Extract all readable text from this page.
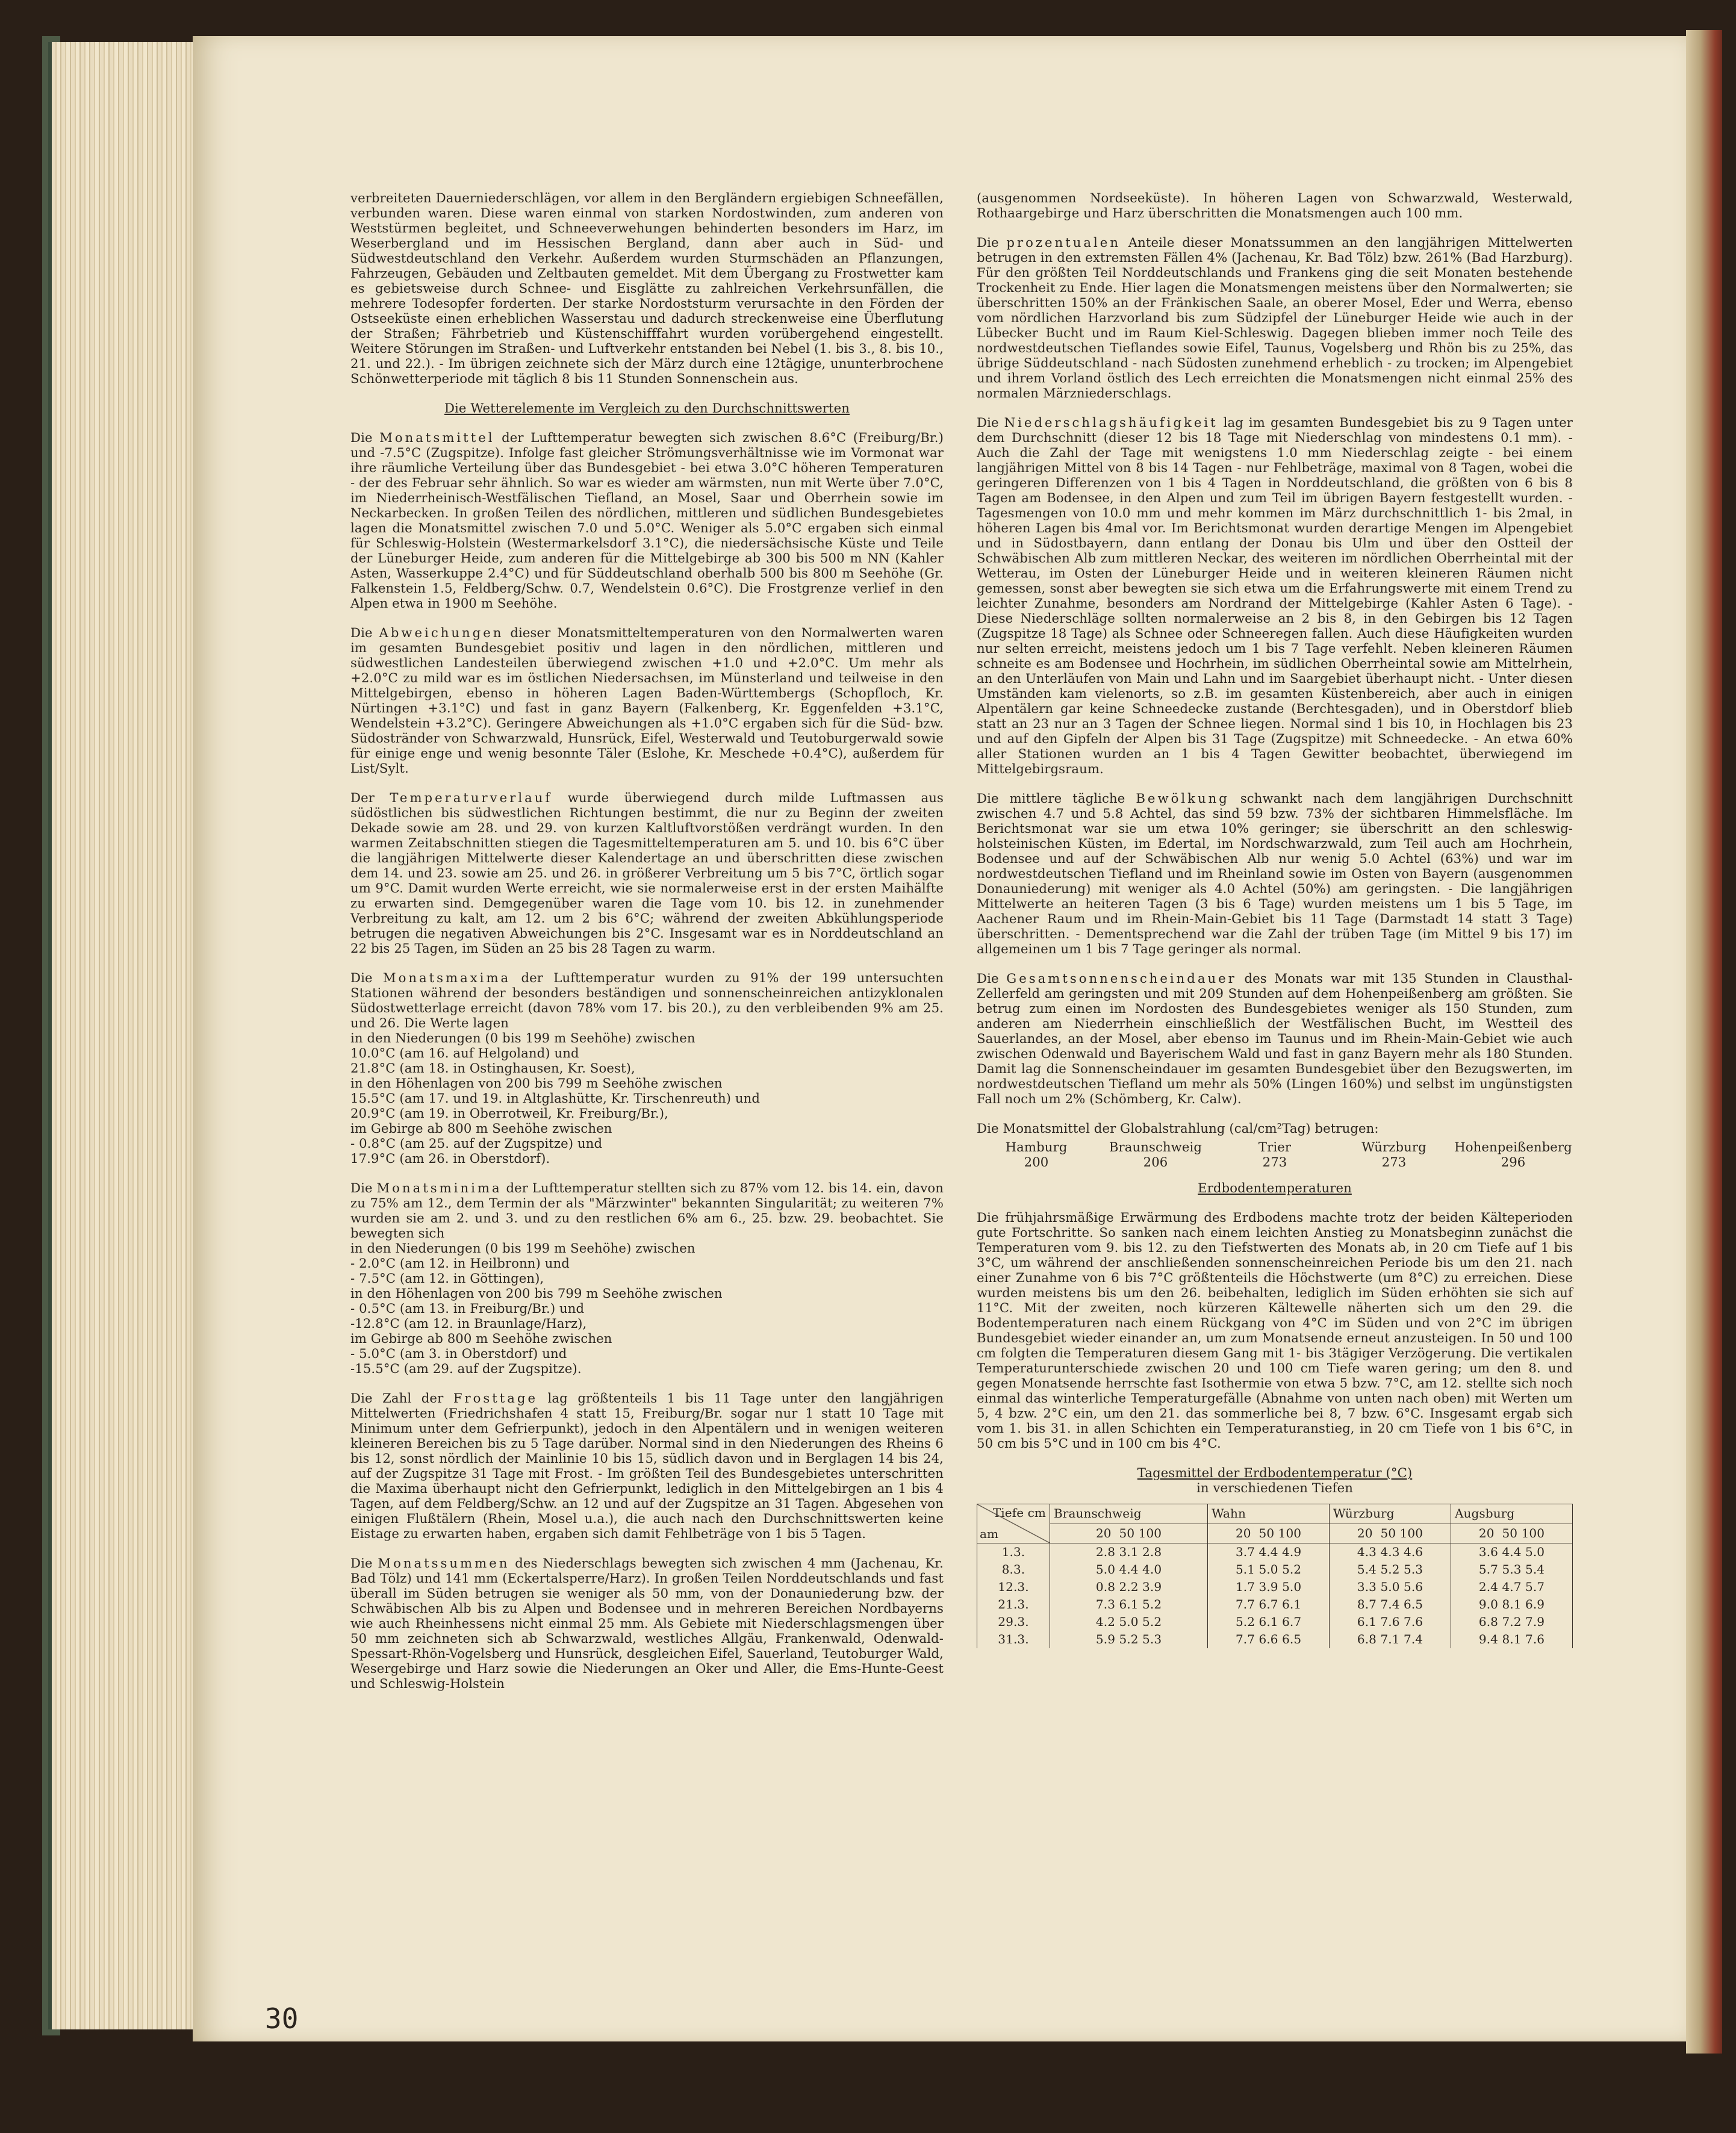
verbreiteten Dauerniederschlägen, vor allem in den Bergländern ergiebigen Schneefällen, verbunden waren. Diese waren einmal von starken Nordostwinden, zum anderen von Weststürmen begleitet, und Schneeverwehungen behinderten besonders im Harz, im Weserbergland und im Hessischen Bergland, dann aber auch in Süd- und Südwestdeutschland den Verkehr. Außerdem wurden Sturmschäden an Pflanzungen, Fahrzeugen, Gebäuden und Zeltbauten gemeldet. Mit dem Übergang zu Frostwetter kam es gebietsweise durch Schnee- und Eisglätte zu zahlreichen Verkehrsunfällen, die mehrere Todesopfer forderten. Der starke Nordoststurm verursachte in den Förden der Ostseeküste einen erheblichen Wasserstau und dadurch streckenweise eine Überflutung der Straßen; Fährbetrieb und Küstenschifffahrt wurden vorübergehend eingestellt. Weitere Störungen im Straßen- und Luftverkehr entstanden bei Nebel (1. bis 3., 8. bis 10., 21. und 22.). - Im übrigen zeichnete sich der März durch eine 12tägige, ununterbrochene Schönwetterperiode mit täglich 8 bis 11 Stunden Sonnenschein aus.

Die Wetterelemente im Vergleich zu den Durchschnittswerten

Die Monatsmittel der Lufttemperatur bewegten sich zwischen 8.6°C (Freiburg/Br.) und -7.5°C (Zugspitze). Infolge fast gleicher Strömungsverhältnisse wie im Vormonat war ihre räumliche Verteilung über das Bundesgebiet - bei etwa 3.0°C höheren Temperaturen - der des Februar sehr ähnlich. So war es wieder am wärmsten, nun mit Werte über 7.0°C, im Niederrheinisch-Westfälischen Tiefland, an Mosel, Saar und Oberrhein sowie im Neckarbecken. In großen Teilen des nördlichen, mittleren und südlichen Bundesgebietes lagen die Monatsmittel zwischen 7.0 und 5.0°C. Weniger als 5.0°C ergaben sich einmal für Schleswig-Holstein (Westermarkelsdorf 3.1°C), die niedersächsische Küste und Teile der Lüneburger Heide, zum anderen für die Mittelgebirge ab 300 bis 500 m NN (Kahler Asten, Wasserkuppe 2.4°C) und für Süddeutschland oberhalb 500 bis 800 m Seehöhe (Gr. Falkenstein 1.5, Feldberg/Schw. 0.7, Wendelstein 0.6°C). Die Frostgrenze verlief in den Alpen etwa in 1900 m Seehöhe.

Die Abweichungen dieser Monatsmitteltemperaturen von den Normalwerten waren im gesamten Bundesgebiet positiv und lagen in den nördlichen, mittleren und südwestlichen Landesteilen überwiegend zwischen +1.0 und +2.0°C. Um mehr als +2.0°C zu mild war es im östlichen Niedersachsen, im Münsterland und teilweise in den Mittelgebirgen, ebenso in höheren Lagen Baden-Württembergs (Schopfloch, Kr. Nürtingen +3.1°C) und fast in ganz Bayern (Falkenberg, Kr. Eggenfelden +3.1°C, Wendelstein +3.2°C). Geringere Abweichungen als +1.0°C ergaben sich für die Süd- bzw. Südostränder von Schwarzwald, Hunsrück, Eifel, Westerwald und Teutoburgerwald sowie für einige enge und wenig besonnte Täler (Eslohe, Kr. Meschede +0.4°C), außerdem für List/Sylt.

Der Temperaturverlauf wurde überwiegend durch milde Luftmassen aus südöstlichen bis südwestlichen Richtungen bestimmt, die nur zu Beginn der zweiten Dekade sowie am 28. und 29. von kurzen Kaltluftvorstößen verdrängt wurden. In den warmen Zeitabschnitten stiegen die Tagesmitteltemperaturen am 5. und 10. bis 6°C über die langjährigen Mittelwerte dieser Kalendertage an und überschritten diese zwischen dem 14. und 23. sowie am 25. und 26. in größerer Verbreitung um 5 bis 7°C, örtlich sogar um 9°C. Damit wurden Werte erreicht, wie sie normalerweise erst in der ersten Maihälfte zu erwarten sind. Demgegenüber waren die Tage vom 10. bis 12. in zunehmender Verbreitung zu kalt, am 12. um 2 bis 6°C; während der zweiten Abkühlungsperiode betrugen die negativen Abweichungen bis 2°C. Insgesamt war es in Norddeutschland an 22 bis 25 Tagen, im Süden an 25 bis 28 Tagen zu warm.

Die Monatsmaxima der Lufttemperatur wurden zu 91% der 199 untersuchten Stationen während der besonders beständigen und sonnenscheinreichen antizyklonalen Südostwetterlage erreicht (davon 78% vom 17. bis 20.), zu den verbleibenden 9% am 25. und 26. Die Werte lagen
in den Niederungen (0 bis 199 m Seehöhe) zwischen
10.0°C (am 16. auf Helgoland) und
21.8°C (am 18. in Ostinghausen, Kr. Soest),
in den Höhenlagen von 200 bis 799 m Seehöhe zwischen
15.5°C (am 17. und 19. in Altglashütte, Kr. Tirschenreuth) und
20.9°C (am 19. in Oberrotweil, Kr. Freiburg/Br.),
im Gebirge ab 800 m Seehöhe zwischen
- 0.8°C (am 25. auf der Zugspitze) und
17.9°C (am 26. in Oberstdorf).
Die Monatsminima der Lufttemperatur stellten sich zu 87% vom 12. bis 14. ein, davon zu 75% am 12., dem Termin der als "Märzwinter" bekannten Singularität; zu weiteren 7% wurden sie am 2. und 3. und zu den restlichen 6% am 6., 25. bzw. 29. beobachtet. Sie bewegten sich
in den Niederungen (0 bis 199 m Seehöhe) zwischen
- 2.0°C (am 12. in Heilbronn) und
- 7.5°C (am 12. in Göttingen),
in den Höhenlagen von 200 bis 799 m Seehöhe zwischen
- 0.5°C (am 13. in Freiburg/Br.) und
-12.8°C (am 12. in Braunlage/Harz),
im Gebirge ab 800 m Seehöhe zwischen
- 5.0°C (am 3. in Oberstdorf) und
-15.5°C (am 29. auf der Zugspitze).

Die Zahl der Frosttage lag größtenteils 1 bis 11 Tage unter den langjährigen Mittelwerten (Friedrichshafen 4 statt 15, Freiburg/Br. sogar nur 1 statt 10 Tage mit Minimum unter dem Gefrierpunkt), jedoch in den Alpentälern und in wenigen weiteren kleineren Bereichen bis zu 5 Tage darüber. Normal sind in den Niederungen des Rheins 6 bis 12, sonst nördlich der Mainlinie 10 bis 15, südlich davon und in Berglagen 14 bis 24, auf der Zugspitze 31 Tage mit Frost. - Im größten Teil des Bundesgebietes unterschritten die Maxima überhaupt nicht den Gefrierpunkt, lediglich in den Mittelgebirgen an 1 bis 4 Tagen, auf dem Feldberg/Schw. an 12 und auf der Zugspitze an 31 Tagen. Abgesehen von einigen Flußtälern (Rhein, Mosel u.a.), die auch nach den Durchschnittswerten keine Eistage zu erwarten haben, ergaben sich damit Fehlbeträge von 1 bis 5 Tagen.

Die Monatssummen des Niederschlags bewegten sich zwischen 4 mm (Jachenau, Kr. Bad Tölz) und 141 mm (Eckertalsperre/Harz). In großen Teilen Norddeutschlands und fast überall im Süden betrugen sie weniger als 50 mm, von der Donauniederung bzw. der Schwäbischen Alb bis zu Alpen und Bodensee und in mehreren Bereichen Nordbayerns wie auch Rheinhessens nicht einmal 25 mm. Als Gebiete mit Niederschlagsmengen über 50 mm zeichneten sich ab Schwarzwald, westliches Allgäu, Frankenwald, Odenwald-Spessart-Rhön-Vogelsberg und Hunsrück, desgleichen Eifel, Sauerland, Teutoburger Wald, Wesergebirge und Harz sowie die Niederungen an Oker und Aller, die Ems-Hunte-Geest und Schleswig-Holstein

(ausgenommen Nordseeküste). In höheren Lagen von Schwarzwald, Westerwald, Rothaargebirge und Harz überschritten die Monatsmengen auch 100 mm.

Die prozentualen Anteile dieser Monatssummen an den langjährigen Mittelwerten betrugen in den extremsten Fällen 4% (Jachenau, Kr. Bad Tölz) bzw. 261% (Bad Harzburg). Für den größten Teil Norddeutschlands und Frankens ging die seit Monaten bestehende Trockenheit zu Ende. Hier lagen die Monatsmengen meistens über den Normalwerten; sie überschritten 150% an der Fränkischen Saale, an oberer Mosel, Eder und Werra, ebenso vom nördlichen Harzvorland bis zum Südzipfel der Lüneburger Heide wie auch in der Lübecker Bucht und im Raum Kiel-Schleswig. Dagegen blieben immer noch Teile des nordwestdeutschen Tieflandes sowie Eifel, Taunus, Vogelsberg und Rhön bis zu 25%, das übrige Süddeutschland - nach Südosten zunehmend erheblich - zu trocken; im Alpengebiet und ihrem Vorland östlich des Lech erreichten die Monatsmengen nicht einmal 25% des normalen Märzniederschlags.

Die Niederschlagshäufigkeit lag im gesamten Bundesgebiet bis zu 9 Tagen unter dem Durchschnitt (dieser 12 bis 18 Tage mit Niederschlag von mindestens 0.1 mm). - Auch die Zahl der Tage mit wenigstens 1.0 mm Niederschlag zeigte - bei einem langjährigen Mittel von 8 bis 14 Tagen - nur Fehlbeträge, maximal von 8 Tagen, wobei die geringeren Differenzen von 1 bis 4 Tagen in Norddeutschland, die größten von 6 bis 8 Tagen am Bodensee, in den Alpen und zum Teil im übrigen Bayern festgestellt wurden. - Tagesmengen von 10.0 mm und mehr kommen im März durchschnittlich 1- bis 2mal, in höheren Lagen bis 4mal vor. Im Berichtsmonat wurden derartige Mengen im Alpengebiet und in Südostbayern, dann entlang der Donau bis Ulm und über den Ostteil der Schwäbischen Alb zum mittleren Neckar, des weiteren im nördlichen Oberrheintal mit der Wetterau, im Osten der Lüneburger Heide und in weiteren kleineren Räumen nicht gemessen, sonst aber bewegten sie sich etwa um die Erfahrungswerte mit einem Trend zu leichter Zunahme, besonders am Nordrand der Mittelgebirge (Kahler Asten 6 Tage). - Diese Niederschläge sollten normalerweise an 2 bis 8, in den Gebirgen bis 12 Tagen (Zugspitze 18 Tage) als Schnee oder Schneeregen fallen. Auch diese Häufigkeiten wurden nur selten erreicht, meistens jedoch um 1 bis 7 Tage verfehlt. Neben kleineren Räumen schneite es am Bodensee und Hochrhein, im südlichen Oberrheintal sowie am Mittelrhein, an den Unterläufen von Main und Lahn und im Saargebiet überhaupt nicht. - Unter diesen Umständen kam vielenorts, so z.B. im gesamten Küstenbereich, aber auch in einigen Alpentälern gar keine Schneedecke zustande (Berchtesgaden), und in Oberstdorf blieb statt an 23 nur an 3 Tagen der Schnee liegen. Normal sind 1 bis 10, in Hochlagen bis 23 und auf den Gipfeln der Alpen bis 31 Tage (Zugspitze) mit Schneedecke. - An etwa 60% aller Stationen wurden an 1 bis 4 Tagen Gewitter beobachtet, überwiegend im Mittelgebirgsraum.

Die mittlere tägliche Bewölkung schwankt nach dem langjährigen Durchschnitt zwischen 4.7 und 5.8 Achtel, das sind 59 bzw. 73% der sichtbaren Himmelsfläche. Im Berichtsmonat war sie um etwa 10% geringer; sie überschritt an den schleswig-holsteinischen Küsten, im Edertal, im Nordschwarzwald, zum Teil auch am Hochrhein, Bodensee und auf der Schwäbischen Alb nur wenig 5.0 Achtel (63%) und war im nordwestdeutschen Tiefland und im Rheinland sowie im Osten von Bayern (ausgenommen Donauniederung) mit weniger als 4.0 Achtel (50%) am geringsten. - Die langjährigen Mittelwerte an heiteren Tagen (3 bis 6 Tage) wurden meistens um 1 bis 5 Tage, im Aachener Raum und im Rhein-Main-Gebiet bis 11 Tage (Darmstadt 14 statt 3 Tage) überschritten. - Dementsprechend war die Zahl der trüben Tage (im Mittel 9 bis 17) im allgemeinen um 1 bis 7 Tage geringer als normal.

Die Gesamtsonnenscheindauer des Monats war mit 135 Stunden in Clausthal-Zellerfeld am geringsten und mit 209 Stunden auf dem Hohenpeißenberg am größten. Sie betrug zum einen im Nordosten des Bundesgebietes weniger als 150 Stunden, zum anderen am Niederrhein einschließlich der Westfälischen Bucht, im Westteil des Sauerlandes, an der Mosel, aber ebenso im Taunus und im Rhein-Main-Gebiet wie auch zwischen Odenwald und Bayerischem Wald und fast in ganz Bayern mehr als 180 Stunden. Damit lag die Sonnenscheindauer im gesamten Bundesgebiet über den Bezugswerten, im nordwestdeutschen Tiefland um mehr als 50% (Lingen 160%) und selbst im ungünstigsten Fall noch um 2% (Schömberg, Kr. Calw).

Die Monatsmittel der Globalstrahlung (cal/cm²Tag) betrugen:

Hamburg	Braunschweig	Trier	Würzburg	Hohenpeißenberg
200	206	273	273	296
Erdbodentemperaturen

Die frühjahrsmäßige Erwärmung des Erdbodens machte trotz der beiden Kälteperioden gute Fortschritte. So sanken nach einem leichten Anstieg zu Monatsbeginn zunächst die Temperaturen vom 9. bis 12. zu den Tiefstwerten des Monats ab, in 20 cm Tiefe auf 1 bis 3°C, um während der anschließenden sonnenscheinreichen Periode bis um den 21. nach einer Zunahme von 6 bis 7°C größtenteils die Höchstwerte (um 8°C) zu erreichen. Diese wurden meistens bis um den 26. beibehalten, lediglich im Süden erhöhten sie sich auf 11°C. Mit der zweiten, noch kürzeren Kältewelle näherten sich um den 29. die Bodentemperaturen nach einem Rückgang von 4°C im Süden und von 2°C im übrigen Bundesgebiet wieder einander an, um zum Monatsende erneut anzusteigen. In 50 und 100 cm folgten die Temperaturen diesem Gang mit 1- bis 3tägiger Verzögerung. Die vertikalen Temperaturunterschiede zwischen 20 und 100 cm Tiefe waren gering; um den 8. und gegen Monatsende herrschte fast Isothermie von etwa 5 bzw. 7°C, am 12. stellte sich noch einmal das winterliche Temperaturgefälle (Abnahme von unten nach oben) mit Werten um 5, 4 bzw. 2°C ein, um den 21. das sommerliche bei 8, 7 bzw. 6°C. Insgesamt ergab sich vom 1. bis 31. in allen Schichten ein Temperaturanstieg, in 20 cm Tiefe von 1 bis 6°C, in 50 cm bis 5°C und in 100 cm bis 4°C.

Tagesmittel der Erdbodentemperatur (°C)
in verschiedenen Tiefen
Tiefe cm
am	Braunschweig	Wahn	Würzburg	Augsburg
	20  50 100	20  50 100	20  50 100	20  50 100
1.3.	2.8 3.1 2.8	3.7 4.4 4.9	4.3 4.3 4.6	3.6 4.4 5.0
8.3.	5.0 4.4 4.0	5.1 5.0 5.2	5.4 5.2 5.3	5.7 5.3 5.4
12.3.	0.8 2.2 3.9	1.7 3.9 5.0	3.3 5.0 5.6	2.4 4.7 5.7
21.3.	7.3 6.1 5.2	7.7 6.7 6.1	8.7 7.4 6.5	9.0 8.1 6.9
29.3.	4.2 5.0 5.2	5.2 6.1 6.7	6.1 7.6 7.6	6.8 7.2 7.9
31.3.	5.9 5.2 5.3	7.7 6.6 6.5	6.8 7.1 7.4	9.4 8.1 7.6
30
